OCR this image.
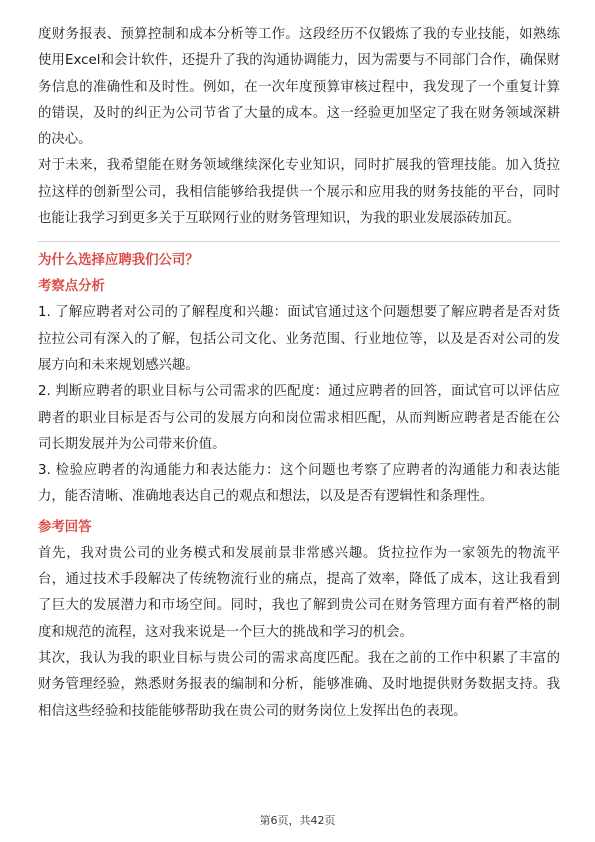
度财务报表、预算控制和成本分析等工作。这段经历不仅锻炼了我的专业技能，如熟练使用Excel和会计软件，还提升了我的沟通协调能力，因为需要与不同部门合作，确保财务信息的准确性和及时性。例如，在一次年度预算审核过程中，我发现了一个重复计算的错误，及时的纠正为公司节省了大量的成本。这一经验更加坚定了我在财务领域深耕的决心。

对于未来，我希望能在财务领域继续深化专业知识，同时扩展我的管理技能。加入货拉拉这样的创新型公司，我相信能够给我提供一个展示和应用我的财务技能的平台，同时也能让我学习到更多关于互联网行业的财务管理知识，为我的职业发展添砖加瓦。

为什么选择应聘我们公司？

考察点分析

1. 了解应聘者对公司的了解程度和兴趣：面试官通过这个问题想要了解应聘者是否对货拉拉公司有深入的了解，包括公司文化、业务范围、行业地位等，以及是否对公司的发展方向和未来规划感兴趣。

2. 判断应聘者的职业目标与公司需求的匹配度：通过应聘者的回答，面试官可以评估应聘者的职业目标是否与公司的发展方向和岗位需求相匹配，从而判断应聘者是否能在公司长期发展并为公司带来价值。

3. 检验应聘者的沟通能力和表达能力：这个问题也考察了应聘者的沟通能力和表达能力，能否清晰、准确地表达自己的观点和想法，以及是否有逻辑性和条理性。

参考回答

首先，我对贵公司的业务模式和发展前景非常感兴趣。货拉拉作为一家领先的物流平台，通过技术手段解决了传统物流行业的痛点，提高了效率，降低了成本，这让我看到了巨大的发展潜力和市场空间。同时，我也了解到贵公司在财务管理方面有着严格的制度和规范的流程，这对我来说是一个巨大的挑战和学习的机会。

其次，我认为我的职业目标与贵公司的需求高度匹配。我在之前的工作中积累了丰富的财务管理经验，熟悉财务报表的编制和分析，能够准确、及时地提供财务数据支持。我相信这些经验和技能能够帮助我在贵公司的财务岗位上发挥出色的表现。

第6页，共42页
